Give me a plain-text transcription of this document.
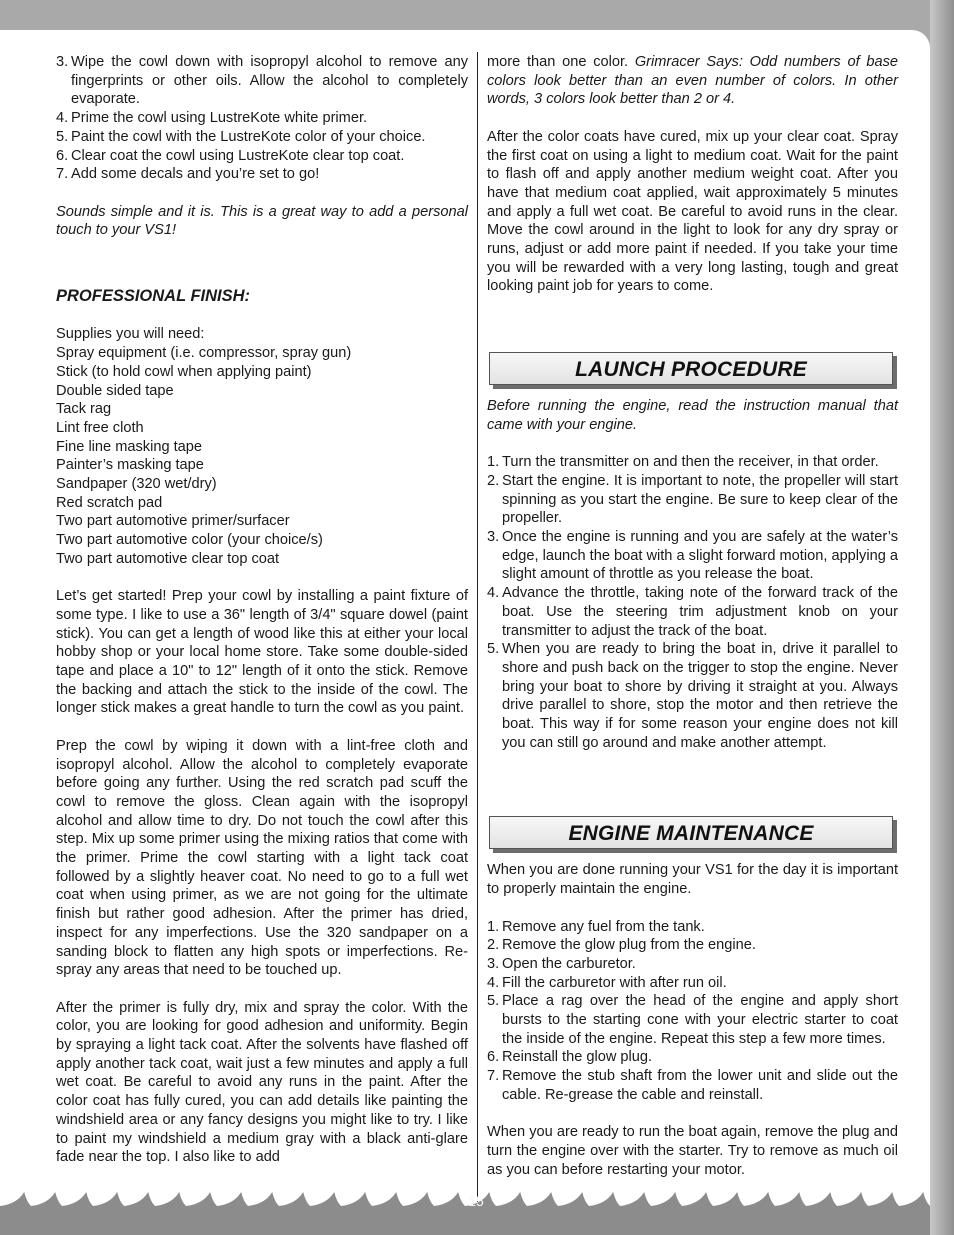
3. Wipe the cowl down with isopropyl alcohol to remove any fingerprints or other oils. Allow the alcohol to completely evaporate.
4. Prime the cowl using LustreKote white primer.
5. Paint the cowl with the LustreKote color of your choice.
6. Clear coat the cowl using LustreKote clear top coat.
7. Add some decals and you’re set to go!

Sounds simple and it is. This is a great way to add a personal touch to your VS1!

PROFESSIONAL FINISH:
Supplies you will need:
Spray equipment (i.e. compressor, spray gun)
Stick (to hold cowl when applying paint)
Double sided tape
Tack rag
Lint free cloth
Fine line masking tape
Painter’s masking tape
Sandpaper (320 wet/dry)
Red scratch pad
Two part automotive primer/surfacer
Two part automotive color (your choice/s)
Two part automotive clear top coat

Let’s get started! Prep your cowl by installing a paint fixture of some type. I like to use a 36" length of 3/4" square dowel (paint stick). You can get a length of wood like this at either your local hobby shop or your local home store. Take some double-sided tape and place a 10" to 12" length of it onto the stick. Remove the backing and attach the stick to the inside of the cowl. The longer stick makes a great handle to turn the cowl as you paint.

Prep the cowl by wiping it down with a lint-free cloth and isopropyl alcohol. Allow the alcohol to completely evaporate before going any further. Using the red scratch pad scuff the cowl to remove the gloss. Clean again with the isopropyl alcohol and allow time to dry. Do not touch the cowl after this step. Mix up some primer using the mixing ratios that come with the primer. Prime the cowl starting with a light tack coat followed by a slightly heaver coat. No need to go to a full wet coat when using primer, as we are not going for the ultimate finish but rather good adhesion. After the primer has dried, inspect for any imperfections. Use the 320 sandpaper on a sanding block to flatten any high spots or imperfections. Re-spray any areas that need to be touched up.

After the primer is fully dry, mix and spray the color. With the color, you are looking for good adhesion and uniformity. Begin by spraying a light tack coat. After the solvents have flashed off apply another tack coat, wait just a few minutes and apply a full wet coat. Be careful to avoid any runs in the paint. After the color coat has fully cured, you can add details like painting the windshield area or any fancy designs you might like to try. I like to paint my windshield a medium gray with a black anti-glare fade near the top. I also like to add

more than one color. Grimracer Says: Odd numbers of base colors look better than an even number of colors. In other words, 3 colors look better than 2 or 4.

After the color coats have cured, mix up your clear coat. Spray the first coat on using a light to medium coat. Wait for the paint to flash off and apply another medium weight coat. After you have that medium coat applied, wait approximately 5 minutes and apply a full wet coat. Be careful to avoid runs in the clear. Move the cowl around in the light to look for any dry spray or runs, adjust or add more paint if needed. If you take your time you will be rewarded with a very long lasting, tough and great looking paint job for years to come.

LAUNCH PROCEDURE

Before running the engine, read the instruction manual that came with your engine.

1. Turn the transmitter on and then the receiver, in that order.
2. Start the engine. It is important to note, the propeller will start spinning as you start the engine. Be sure to keep clear of the propeller.
3. Once the engine is running and you are safely at the water’s edge, launch the boat with a slight forward motion, applying a slight amount of throttle as you release the boat.
4. Advance the throttle, taking note of the forward track of the boat. Use the steering trim adjustment knob on your transmitter to adjust the track of the boat.
5. When you are ready to bring the boat in, drive it parallel to shore and push back on the trigger to stop the engine. Never bring your boat to shore by driving it straight at you. Always drive parallel to shore, stop the motor and then retrieve the boat. This way if for some reason your engine does not kill you can still go around and make another attempt.
ENGINE MAINTENANCE

When you are done running your VS1 for the day it is important to properly maintain the engine.

1. Remove any fuel from the tank.
2. Remove the glow plug from the engine.
3. Open the carburetor.
4. Fill the carburetor with after run oil.
5. Place a rag over the head of the engine and apply short bursts to the starting cone with your electric starter to coat the inside of the engine. Repeat this step a few more times.
6. Reinstall the glow plug.
7. Remove the stub shaft from the lower unit and slide out the cable. Re-grease the cable and reinstall.

When you are ready to run the boat again, remove the plug and turn the engine over with the starter. Try to remove as much oil as you can before restarting your motor.

15
